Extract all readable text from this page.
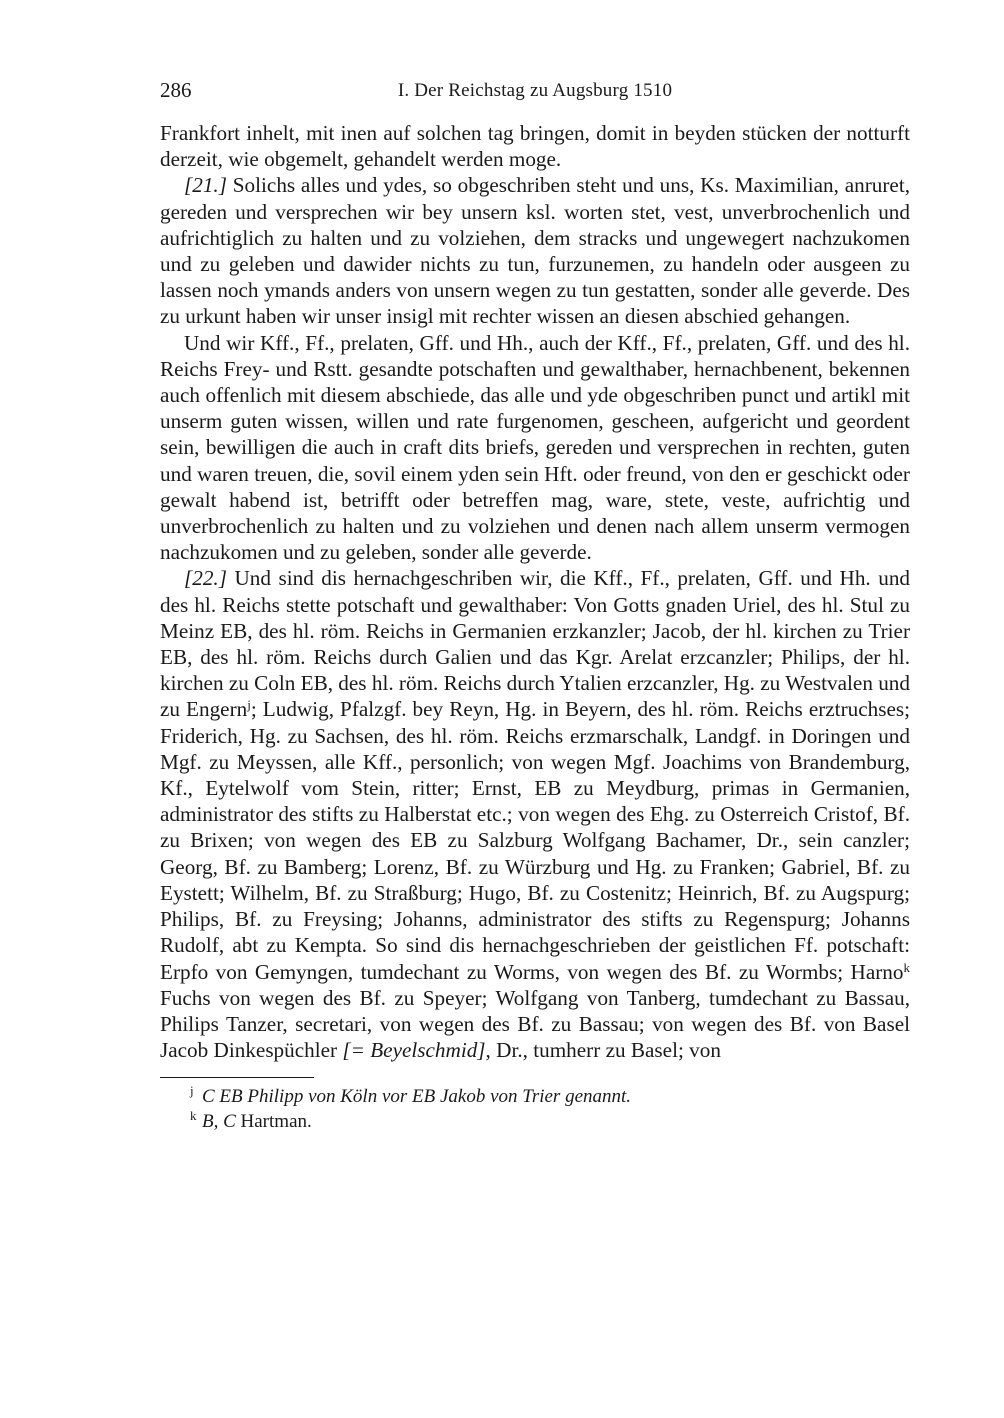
286	I. Der Reichstag zu Augsburg 1510

Frankfort inhelt, mit inen auf solchen tag bringen, domit in beyden stücken der notturft derzeit, wie obgemelt, gehandelt werden moge.

[21.] Solichs alles und ydes, so obgeschriben steht und uns, Ks. Maximilian, anruret, gereden und versprechen wir bey unsern ksl. worten stet, vest, unverbrochenlich und aufrichtiglich zu halten und zu volziehen, dem stracks und ungewegert nachzukomen und zu geleben und dawider nichts zu tun, furzunemen, zu handeln oder ausgeen zu lassen noch ymands anders von unsern wegen zu tun gestatten, sonder alle geverde. Des zu urkunt haben wir unser insigl mit rechter wissen an diesen abschied gehangen.

Und wir Kff., Ff., prelaten, Gff. und Hh., auch der Kff., Ff., prelaten, Gff. und des hl. Reichs Frey- und Rstt. gesandte potschaften und gewalthaber, hernachbenent, bekennen auch offenlich mit diesem abschiede, das alle und yde obgeschriben punct und artikl mit unserm guten wissen, willen und rate furgenomen, gescheen, aufgericht und geordent sein, bewilligen die auch in craft dits briefs, gereden und versprechen in rechten, guten und waren treuen, die, sovil einem yden sein Hft. oder freund, von den er geschickt oder gewalt habend ist, betrifft oder betreffen mag, ware, stete, veste, aufrichtig und unverbrochenlich zu halten und zu volziehen und denen nach allem unserm vermogen nachzukomen und zu geleben, sonder alle geverde.

[22.] Und sind dis hernachgeschriben wir, die Kff., Ff., prelaten, Gff. und Hh. und des hl. Reichs stette potschaft und gewalthaber: Von Gotts gnaden Uriel, des hl. Stul zu Meinz EB, des hl. röm. Reichs in Germanien erzkanzler; Jacob, der hl. kirchen zu Trier EB, des hl. röm. Reichs durch Galien und das Kgr. Arelat erzcanzler; Philips, der hl. kirchen zu Coln EB, des hl. röm. Reichs durch Ytalien erzcanzler, Hg. zu Westvalen und zu Engern$^j$; Ludwig, Pfalzgf. bey Reyn, Hg. in Beyern, des hl. röm. Reichs erztruchses; Friderich, Hg. zu Sachsen, des hl. röm. Reichs erzmarschalk, Landgf. in Doringen und Mgf. zu Meyssen, alle Kff., personlich; von wegen Mgf. Joachims von Brandemburg, Kf., Eytelwolf vom Stein, ritter; Ernst, EB zu Meydburg, primas in Germanien, administrator des stifts zu Halberstat etc.; von wegen des Ehg. zu Osterreich Cristof, Bf. zu Brixen; von wegen des EB zu Salzburg Wolfgang Bachamer, Dr., sein canzler; Georg, Bf. zu Bamberg; Lorenz, Bf. zu Würzburg und Hg. zu Franken; Gabriel, Bf. zu Eystett; Wilhelm, Bf. zu Straßburg; Hugo, Bf. zu Costenitz; Heinrich, Bf. zu Augspurg; Philips, Bf. zu Freysing; Johanns, administrator des stifts zu Regenspurg; Johanns Rudolf, abt zu Kempta. So sind dis hernachgeschrieben der geistlichen Ff. potschaft: Erpfo von Gemyngen, tumdechant zu Worms, von wegen des Bf. zu Wormbs; Harno$^k$ Fuchs von wegen des Bf. zu Speyer; Wolfgang von Tanberg, tumdechant zu Bassau, Philips Tanzer, secretari, von wegen des Bf. zu Bassau; von wegen des Bf. von Basel Jacob Dinkespüchler [= Beyelschmid], Dr., tumherr zu Basel; von

j C EB Philipp von Köln vor EB Jakob von Trier genannt.
k B, C Hartman.
